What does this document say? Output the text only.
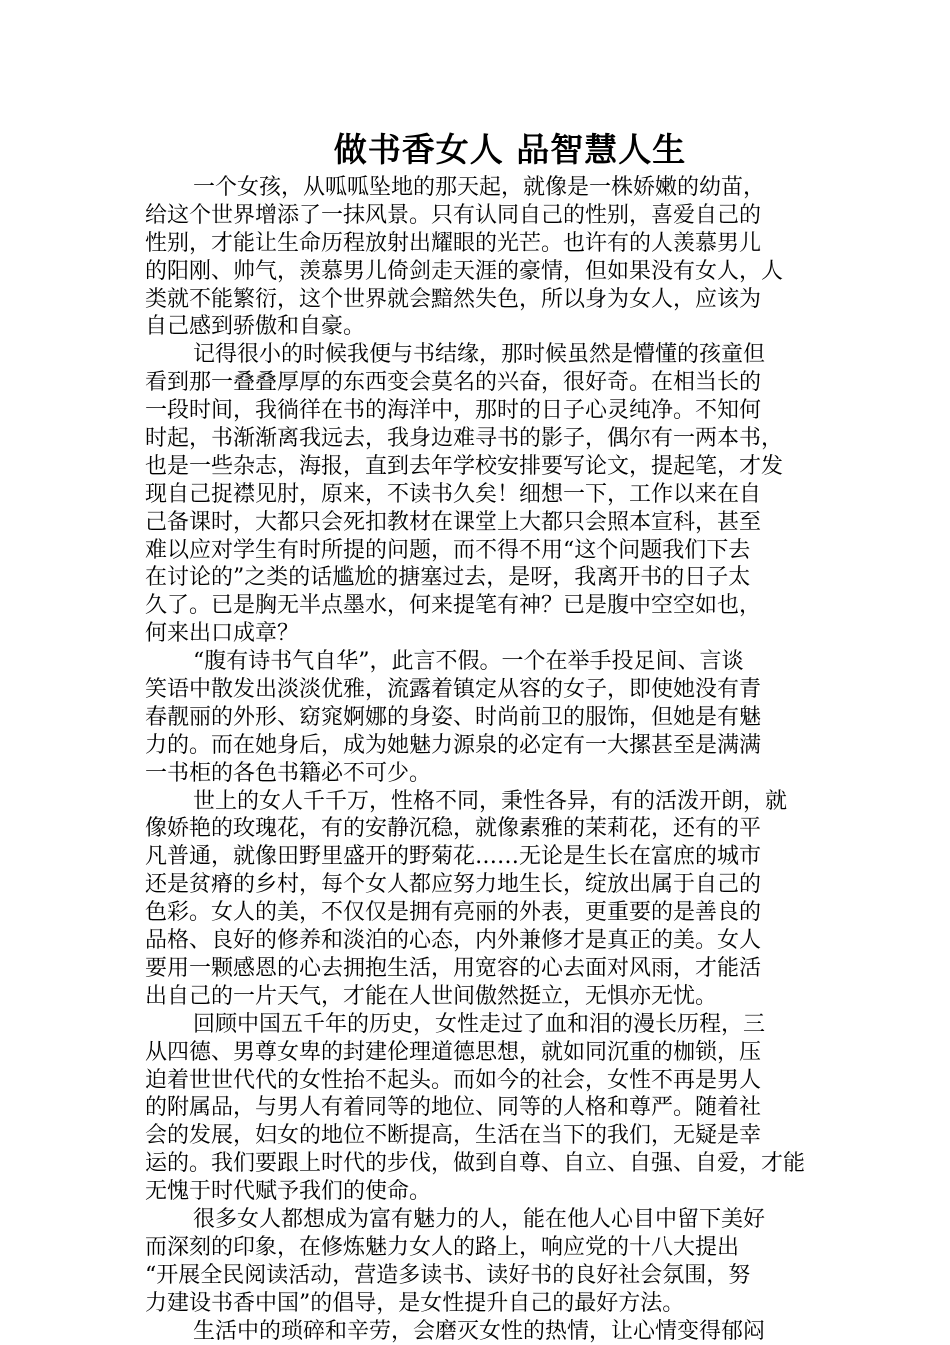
做书香女人 品智慧人生
一个女孩，从呱呱坠地的那天起，就像是一株娇嫩的幼苗，
给这个世界增添了一抹风景。只有认同自己的性别，喜爱自己的
性别，才能让生命历程放射出耀眼的光芒。也许有的人羡慕男儿
的阳刚、帅气，羡慕男儿倚剑走天涯的豪情，但如果没有女人，人
类就不能繁衍，这个世界就会黯然失色，所以身为女人，应该为
自己感到骄傲和自豪。
记得很小的时候我便与书结缘，那时候虽然是懵懂的孩童但
看到那一叠叠厚厚的东西变会莫名的兴奋，很好奇。在相当长的
一段时间，我徜徉在书的海洋中，那时的日子心灵纯净。不知何
时起，书渐渐离我远去，我身边难寻书的影子，偶尔有一两本书，
也是一些杂志，海报，直到去年学校安排要写论文，提起笔，才发
现自己捉襟见肘，原来，不读书久矣！细想一下，工作以来在自
己备课时，大都只会死扣教材在课堂上大都只会照本宣科，甚至
难以应对学生有时所提的问题，而不得不用“这个问题我们下去
在讨论的”之类的话尴尬的搪塞过去，是呀，我离开书的日子太
久了。已是胸无半点墨水，何来提笔有神？已是腹中空空如也，
何来出口成章？
“腹有诗书气自华”，此言不假。一个在举手投足间、言谈
笑语中散发出淡淡优雅，流露着镇定从容的女子，即使她没有青
春靓丽的外形、窈窕婀娜的身姿、时尚前卫的服饰，但她是有魅
力的。而在她身后，成为她魅力源泉的必定有一大摞甚至是满满
一书柜的各色书籍必不可少。
世上的女人千千万，性格不同，秉性各异，有的活泼开朗，就
像娇艳的玫瑰花，有的安静沉稳，就像素雅的茉莉花，还有的平
凡普通，就像田野里盛开的野菊花……无论是生长在富庶的城市
还是贫瘠的乡村，每个女人都应努力地生长，绽放出属于自己的
色彩。女人的美，不仅仅是拥有亮丽的外表，更重要的是善良的
品格、良好的修养和淡泊的心态，内外兼修才是真正的美。女人
要用一颗感恩的心去拥抱生活，用宽容的心去面对风雨，才能活
出自己的一片天气，才能在人世间傲然挺立，无惧亦无忧。
回顾中国五千年的历史，女性走过了血和泪的漫长历程，三
从四德、男尊女卑的封建伦理道德思想，就如同沉重的枷锁，压
迫着世世代代的女性抬不起头。而如今的社会，女性不再是男人
的附属品，与男人有着同等的地位、同等的人格和尊严。随着社
会的发展，妇女的地位不断提高，生活在当下的我们，无疑是幸
运的。我们要跟上时代的步伐，做到自尊、自立、自强、自爱，才能
无愧于时代赋予我们的使命。
很多女人都想成为富有魅力的人，能在他人心目中留下美好
而深刻的印象，在修炼魅力女人的路上，响应党的十八大提出
“开展全民阅读活动，营造多读书、读好书的良好社会氛围，努
力建设书香中国”的倡导，是女性提升自己的最好方法。
生活中的琐碎和辛劳，会磨灭女性的热情，让心情变得郁闷
